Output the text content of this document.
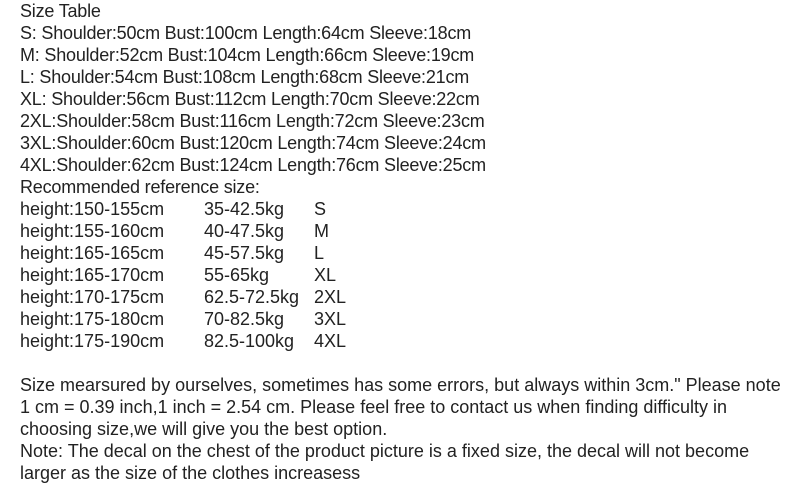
Size Table
S: Shoulder:50cm Bust:100cm Length:64cm Sleeve:18cm
M: Shoulder:52cm Bust:104cm Length:66cm Sleeve:19cm
L: Shoulder:54cm Bust:108cm Length:68cm Sleeve:21cm
XL: Shoulder:56cm Bust:112cm Length:70cm Sleeve:22cm
2XL:Shoulder:58cm Bust:116cm Length:72cm Sleeve:23cm
3XL:Shoulder:60cm Bust:120cm Length:74cm Sleeve:24cm
4XL:Shoulder:62cm Bust:124cm Length:76cm Sleeve:25cm
Recommended reference size:
height:150-155cm 35-42.5kg S
height:155-160cm 40-47.5kg M
height:165-165cm 45-57.5kg L
height:165-170cm 55-65kg XL
height:170-175cm 62.5-72.5kg 2XL
height:175-180cm 70-82.5kg 3XL
height:175-190cm 82.5-100kg 4XL

Size mearsured by ourselves, sometimes has some errors, but always within 3cm." Please note 1 cm = 0.39 inch,1 inch = 2.54 cm. Please feel free to contact us when finding difficulty in choosing size,we will give you the best option.

Note: The decal on the chest of the product picture is a fixed size, the decal will not become larger as the size of the clothes increasess
